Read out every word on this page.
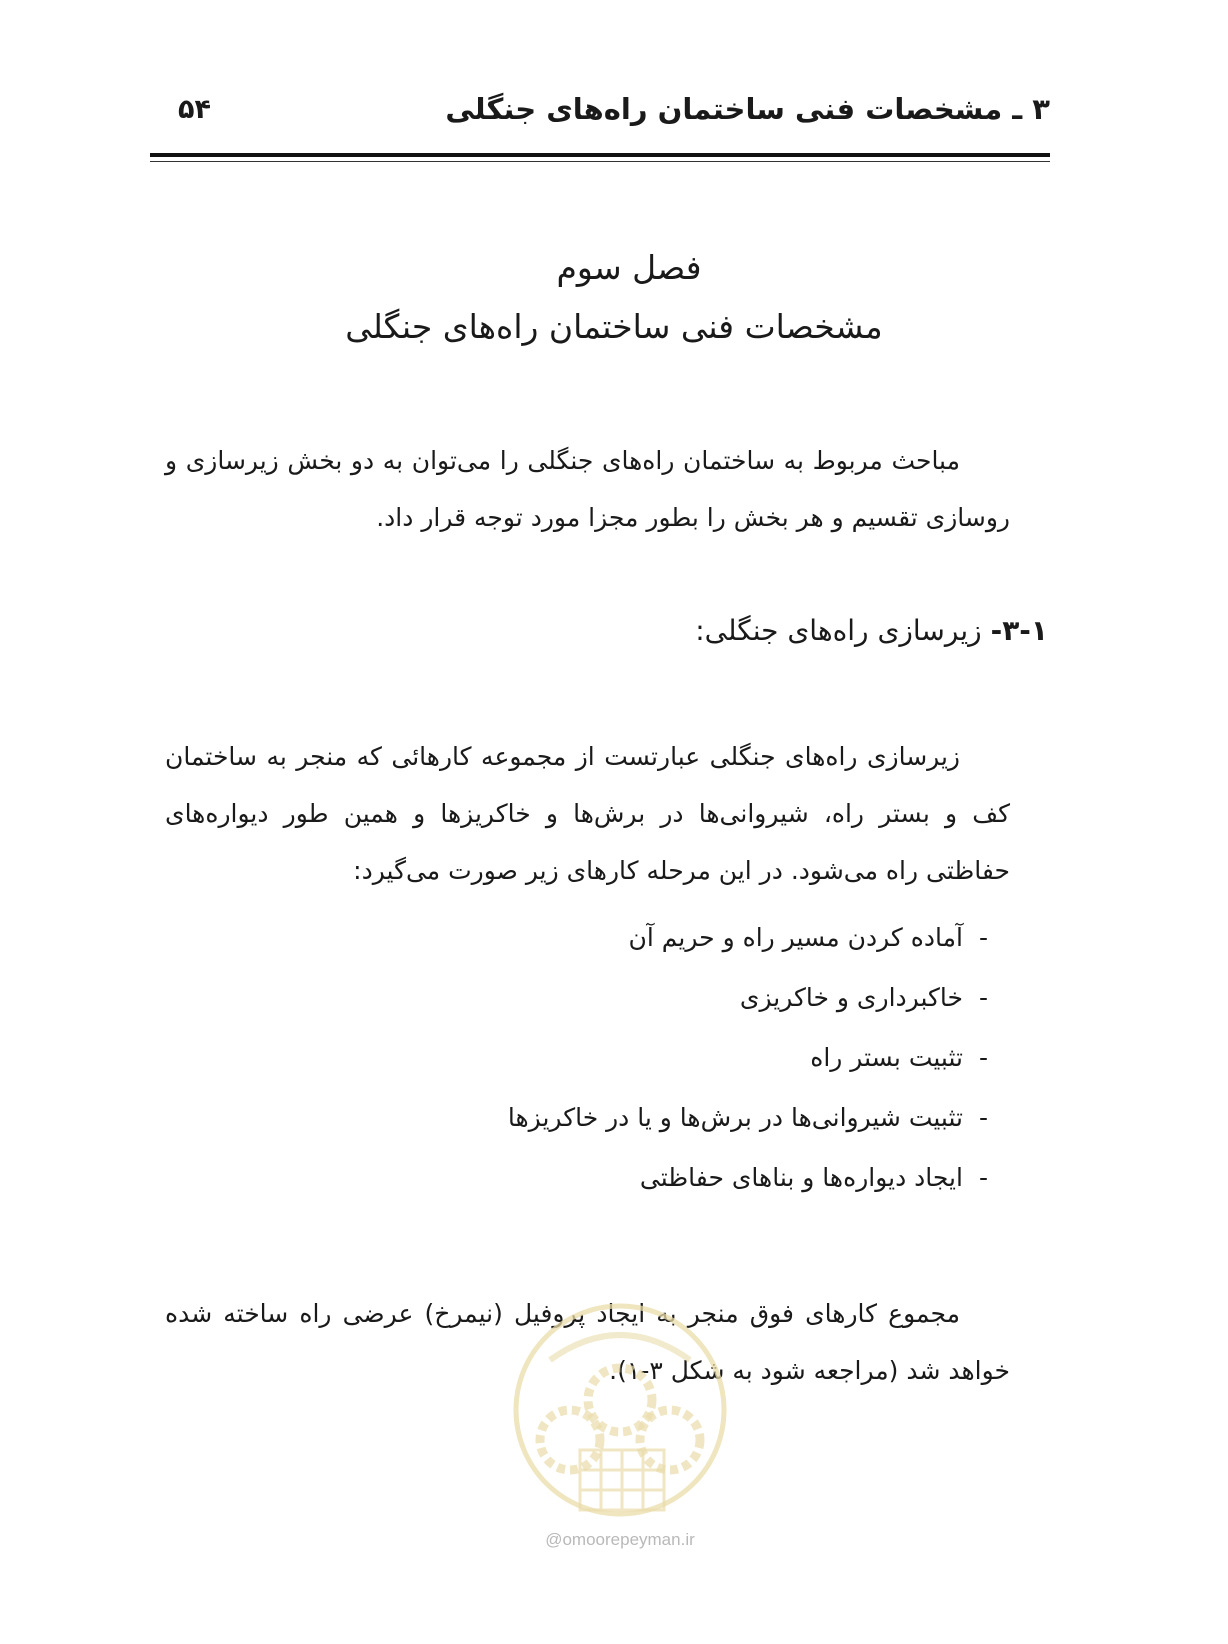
۳ ـ مشخصات فنی ساختمان راه‌های جنگلی
۵۴
فصل سوم
مشخصات فنی ساختمان راه‌های جنگلی

مباحث مربوط به ساختمان راه‌های جنگلی را می‌توان به دو بخش زیرسازی و روسازی تقسیم و هر بخش را بطور مجزا مورد توجه قرار داد.

۳-۱- زیرسازی راه‌های جنگلی:

زیرسازی راه‌های جنگلی عبارتست از مجموعه کارهائی که منجر به ساختمان کف و بستر راه، شیروانی‌ها در برش‌ها و خاکریزها و همین طور دیواره‌های حفاظتی راه می‌شود. در این مرحله کارهای زیر صورت می‌گیرد:

-آماده کردن مسیر راه و حریم آن
-خاکبرداری و خاکریزی
-تثبیت بستر راه
-تثبیت شیروانی‌ها در برش‌ها و یا در خاکریزها
-ایجاد دیواره‌ها و بناهای حفاظتی

مجموع کارهای فوق منجر به ایجاد پروفیل (نیمرخ) عرضی راه ساخته شده خواهد شد (مراجعه شود به شکل ۳-۱).

@omoorepeyman.ir
